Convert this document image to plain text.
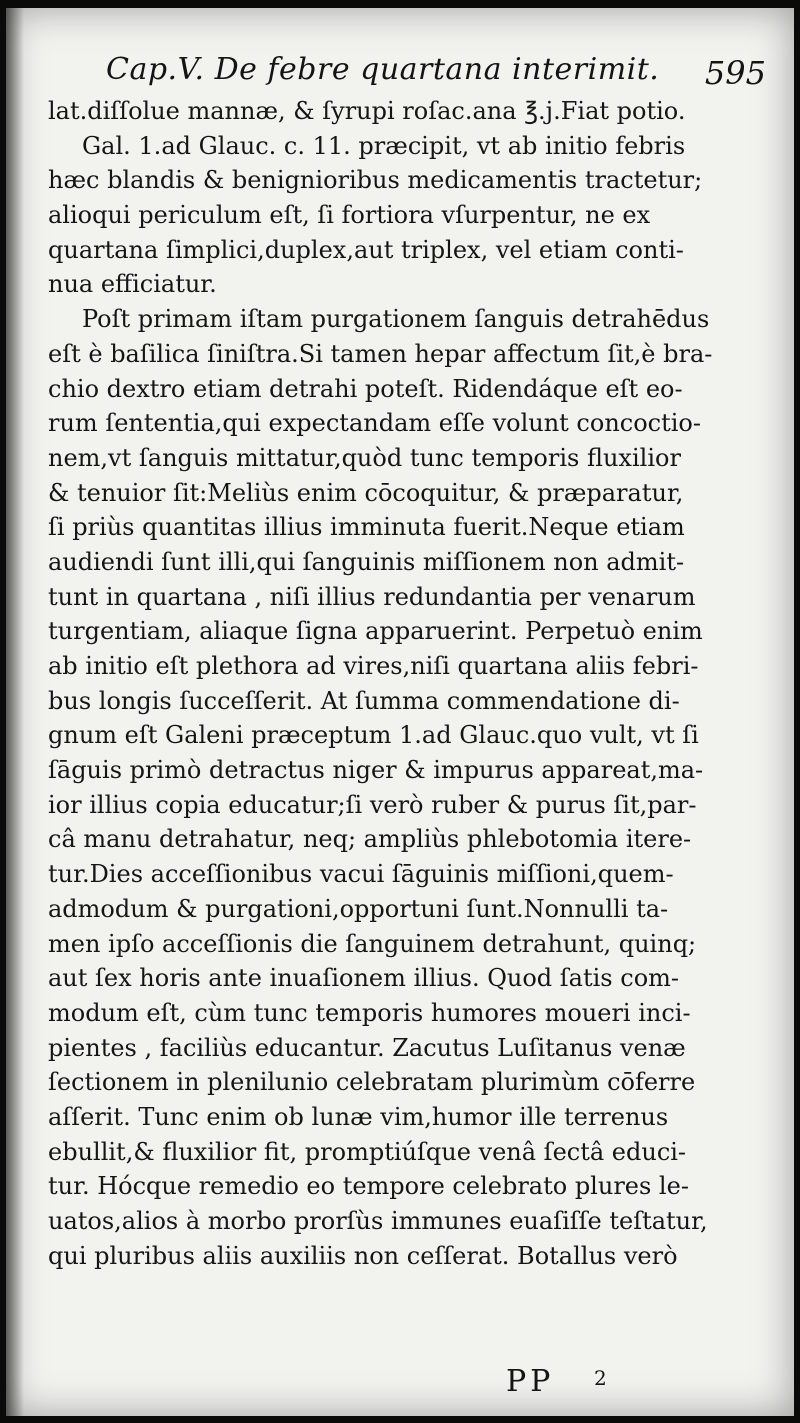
Cap.V. De febre quartana interimit. 595
lat.diſſolue mannæ, & ſyrupi roſac.ana ℥.j.Fiat potio.
Gal. 1.ad Glauc. c. 11. præcipit, vt ab initio febris
hæc blandis & benignioribus medicamentis tractetur;
alioqui periculum eſt, ſi fortiora vſurpentur, ne ex
quartana ſimplici,duplex,aut triplex, vel etiam conti-
nua efficiatur.
Poſt primam iſtam purgationem ſanguis detrahēdus
eſt è baſilica ſiniſtra.Si tamen hepar affectum ſit,è bra-
chio dextro etiam detrahi poteſt. Ridendáque eſt eo-
rum ſententia,qui expectandam eſſe volunt concoctio-
nem,vt ſanguis mittatur,quòd tunc temporis fluxilior
& tenuior ſit:Meliùs enim cōcoquitur, & præparatur,
ſi priùs quantitas illius imminuta fuerit.Neque etiam
audiendi ſunt illi,qui ſanguinis miſſionem non admit-
tunt in quartana , niſi illius redundantia per venarum
turgentiam, aliaque ſigna apparuerint. Perpetuò enim
ab initio eſt plethora ad vires,niſi quartana aliis febri-
bus longis ſucceſſerit. At ſumma commendatione di-
gnum eſt Galeni præceptum 1.ad Glauc.quo vult, vt ſi
ſāguis primò detractus niger & impurus appareat,ma-
ior illius copia educatur;ſi verò ruber & purus ſit,par-
câ manu detrahatur, neq; ampliùs phlebotomia itere-
tur.Dies acceſſionibus vacui ſāguinis miſſioni,quem-
admodum & purgationi,opportuni ſunt.Nonnulli ta-
men ipſo acceſſionis die ſanguinem detrahunt, quinq;
aut ſex horis ante inuaſionem illius. Quod ſatis com-
modum eſt, cùm tunc temporis humores moueri inci-
pientes , faciliùs educantur. Zacutus Luſitanus venæ
ſectionem in plenilunio celebratam plurimùm cōferre
aſſerit. Tunc enim ob lunæ vim,humor ille terrenus
ebullit,& fluxilior fit, promptiúſque venâ ſectâ educi-
tur. Hócque remedio eo tempore celebrato plures le-
uatos,alios à morbo prorſùs immunes euaſiſſe teſtatur,
qui pluribus aliis auxiliis non ceſſerat. Botallus verò
PP 2
